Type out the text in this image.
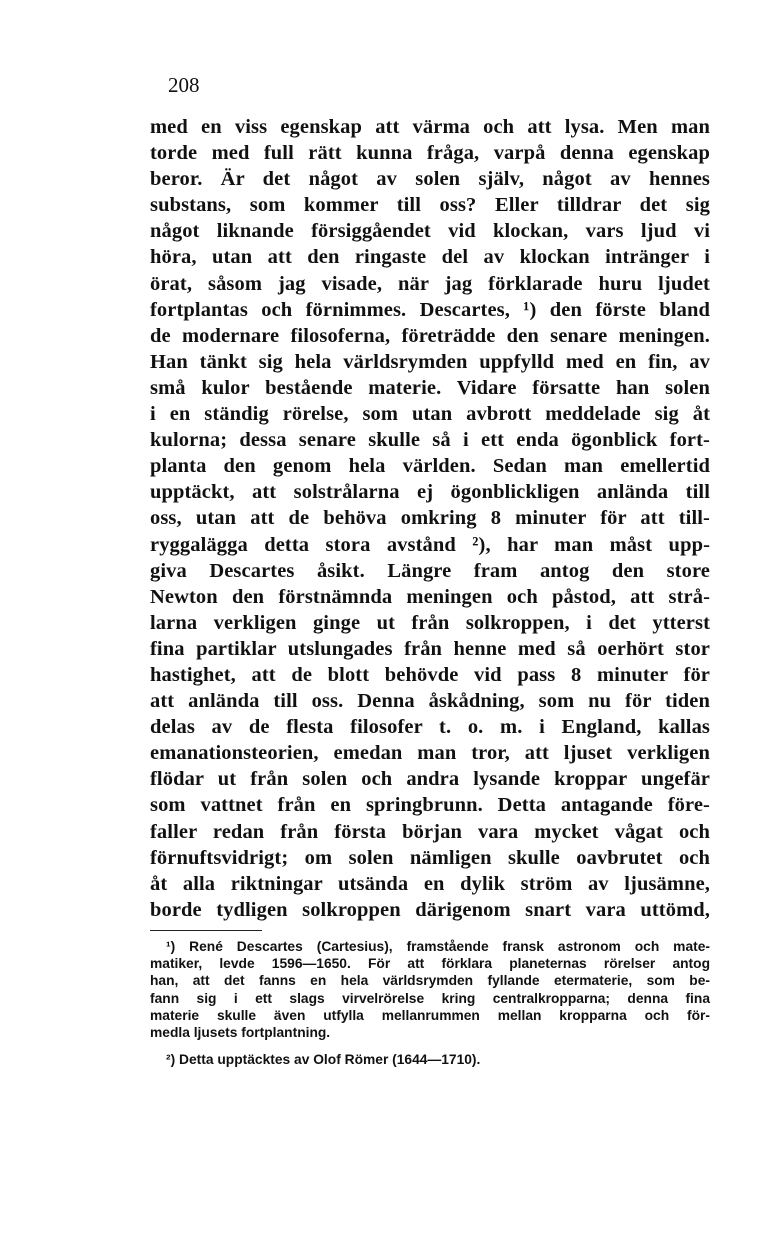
208
med en viss egenskap att värma och att lysa. Men man
torde med full rätt kunna fråga, varpå denna egenskap
beror. Är det något av solen själv, något av hennes
substans, som kommer till oss? Eller tilldrar det sig
något liknande försiggåendet vid klockan, vars ljud vi
höra, utan att den ringaste del av klockan intränger i
örat, såsom jag visade, när jag förklarade huru ljudet
fortplantas och förnimmes. Descartes, ¹) den förste bland
de modernare filosoferna, företrädde den senare meningen.
Han tänkt sig hela världsrymden uppfylld med en fin, av
små kulor bestående materie. Vidare försatte han solen
i en ständig rörelse, som utan avbrott meddelade sig åt
kulorna; dessa senare skulle så i ett enda ögonblick fort-
planta den genom hela världen. Sedan man emellertid
upptäckt, att solstrålarna ej ögonblickligen anlända till
oss, utan att de behöva omkring 8 minuter för att till-
ryggalägga detta stora avstånd ²), har man måst upp-
giva Descartes åsikt. Längre fram antog den store
Newton den förstnämnda meningen och påstod, att strå-
larna verkligen ginge ut från solkroppen, i det ytterst
fina partiklar utslungades från henne med så oerhört stor
hastighet, att de blott behövde vid pass 8 minuter för
att anlända till oss. Denna åskådning, som nu för tiden
delas av de flesta filosofer t. o. m. i England, kallas
emanationsteorien, emedan man tror, att ljuset verkligen
flödar ut från solen och andra lysande kroppar ungefär
som vattnet från en springbrunn. Detta antagande före-
faller redan från första början vara mycket vågat och
förnuftsvidrigt; om solen nämligen skulle oavbrutet och
åt alla riktningar utsända en dylik ström av ljusämne,
borde tydligen solkroppen därigenom snart vara uttömd,
¹) René Descartes (Cartesius), framstående fransk astronom och mate-
matiker, levde 1596—1650. För att förklara planeternas rörelser antog
han, att det fanns en hela världsrymden fyllande etermaterie, som be-
fann sig i ett slags virvelrörelse kring centralkropparna; denna fina
materie skulle även utfylla mellanrummen mellan kropparna och för-
medla ljusets fortplantning.
²) Detta upptäcktes av Olof Römer (1644—1710).
